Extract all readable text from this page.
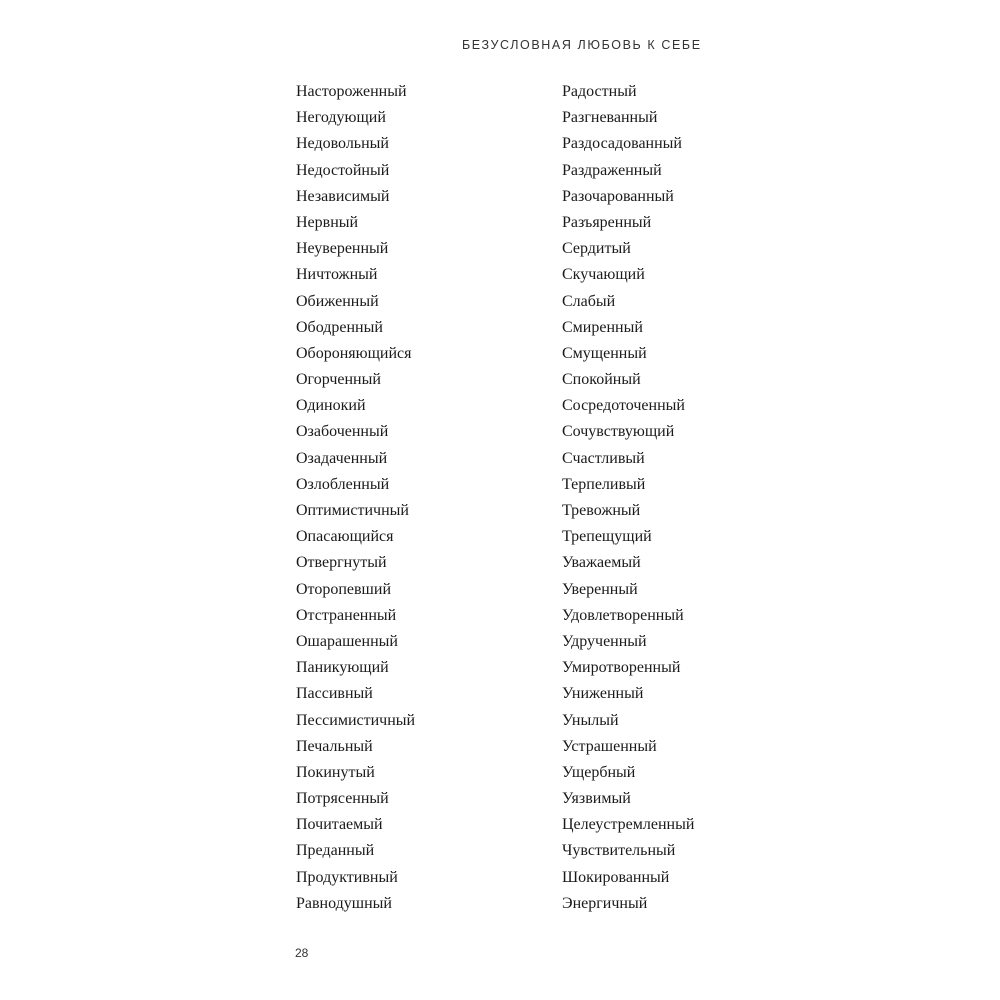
БЕЗУСЛОВНАЯ ЛЮБОВЬ К СЕБЕ
Настороженный
Негодующий
Недовольный
Недостойный
Независимый
Нервный
Неуверенный
Ничтожный
Обиженный
Ободренный
Обороняющийся
Огорченный
Одинокий
Озабоченный
Озадаченный
Озлобленный
Оптимистичный
Опасающийся
Отвергнутый
Оторопевший
Отстраненный
Ошарашенный
Паникующий
Пассивный
Пессимистичный
Печальный
Покинутый
Потрясенный
Почитаемый
Преданный
Продуктивный
Равнодушный
Радостный
Разгневанный
Раздосадованный
Раздраженный
Разочарованный
Разъяренный
Сердитый
Скучающий
Слабый
Смиренный
Смущенный
Спокойный
Сосредоточенный
Сочувствующий
Счастливый
Терпеливый
Тревожный
Трепещущий
Уважаемый
Уверенный
Удовлетворенный
Удрученный
Умиротворенный
Униженный
Унылый
Устрашенный
Ущербный
Уязвимый
Целеустремленный
Чувствительный
Шокированный
Энергичный
28
